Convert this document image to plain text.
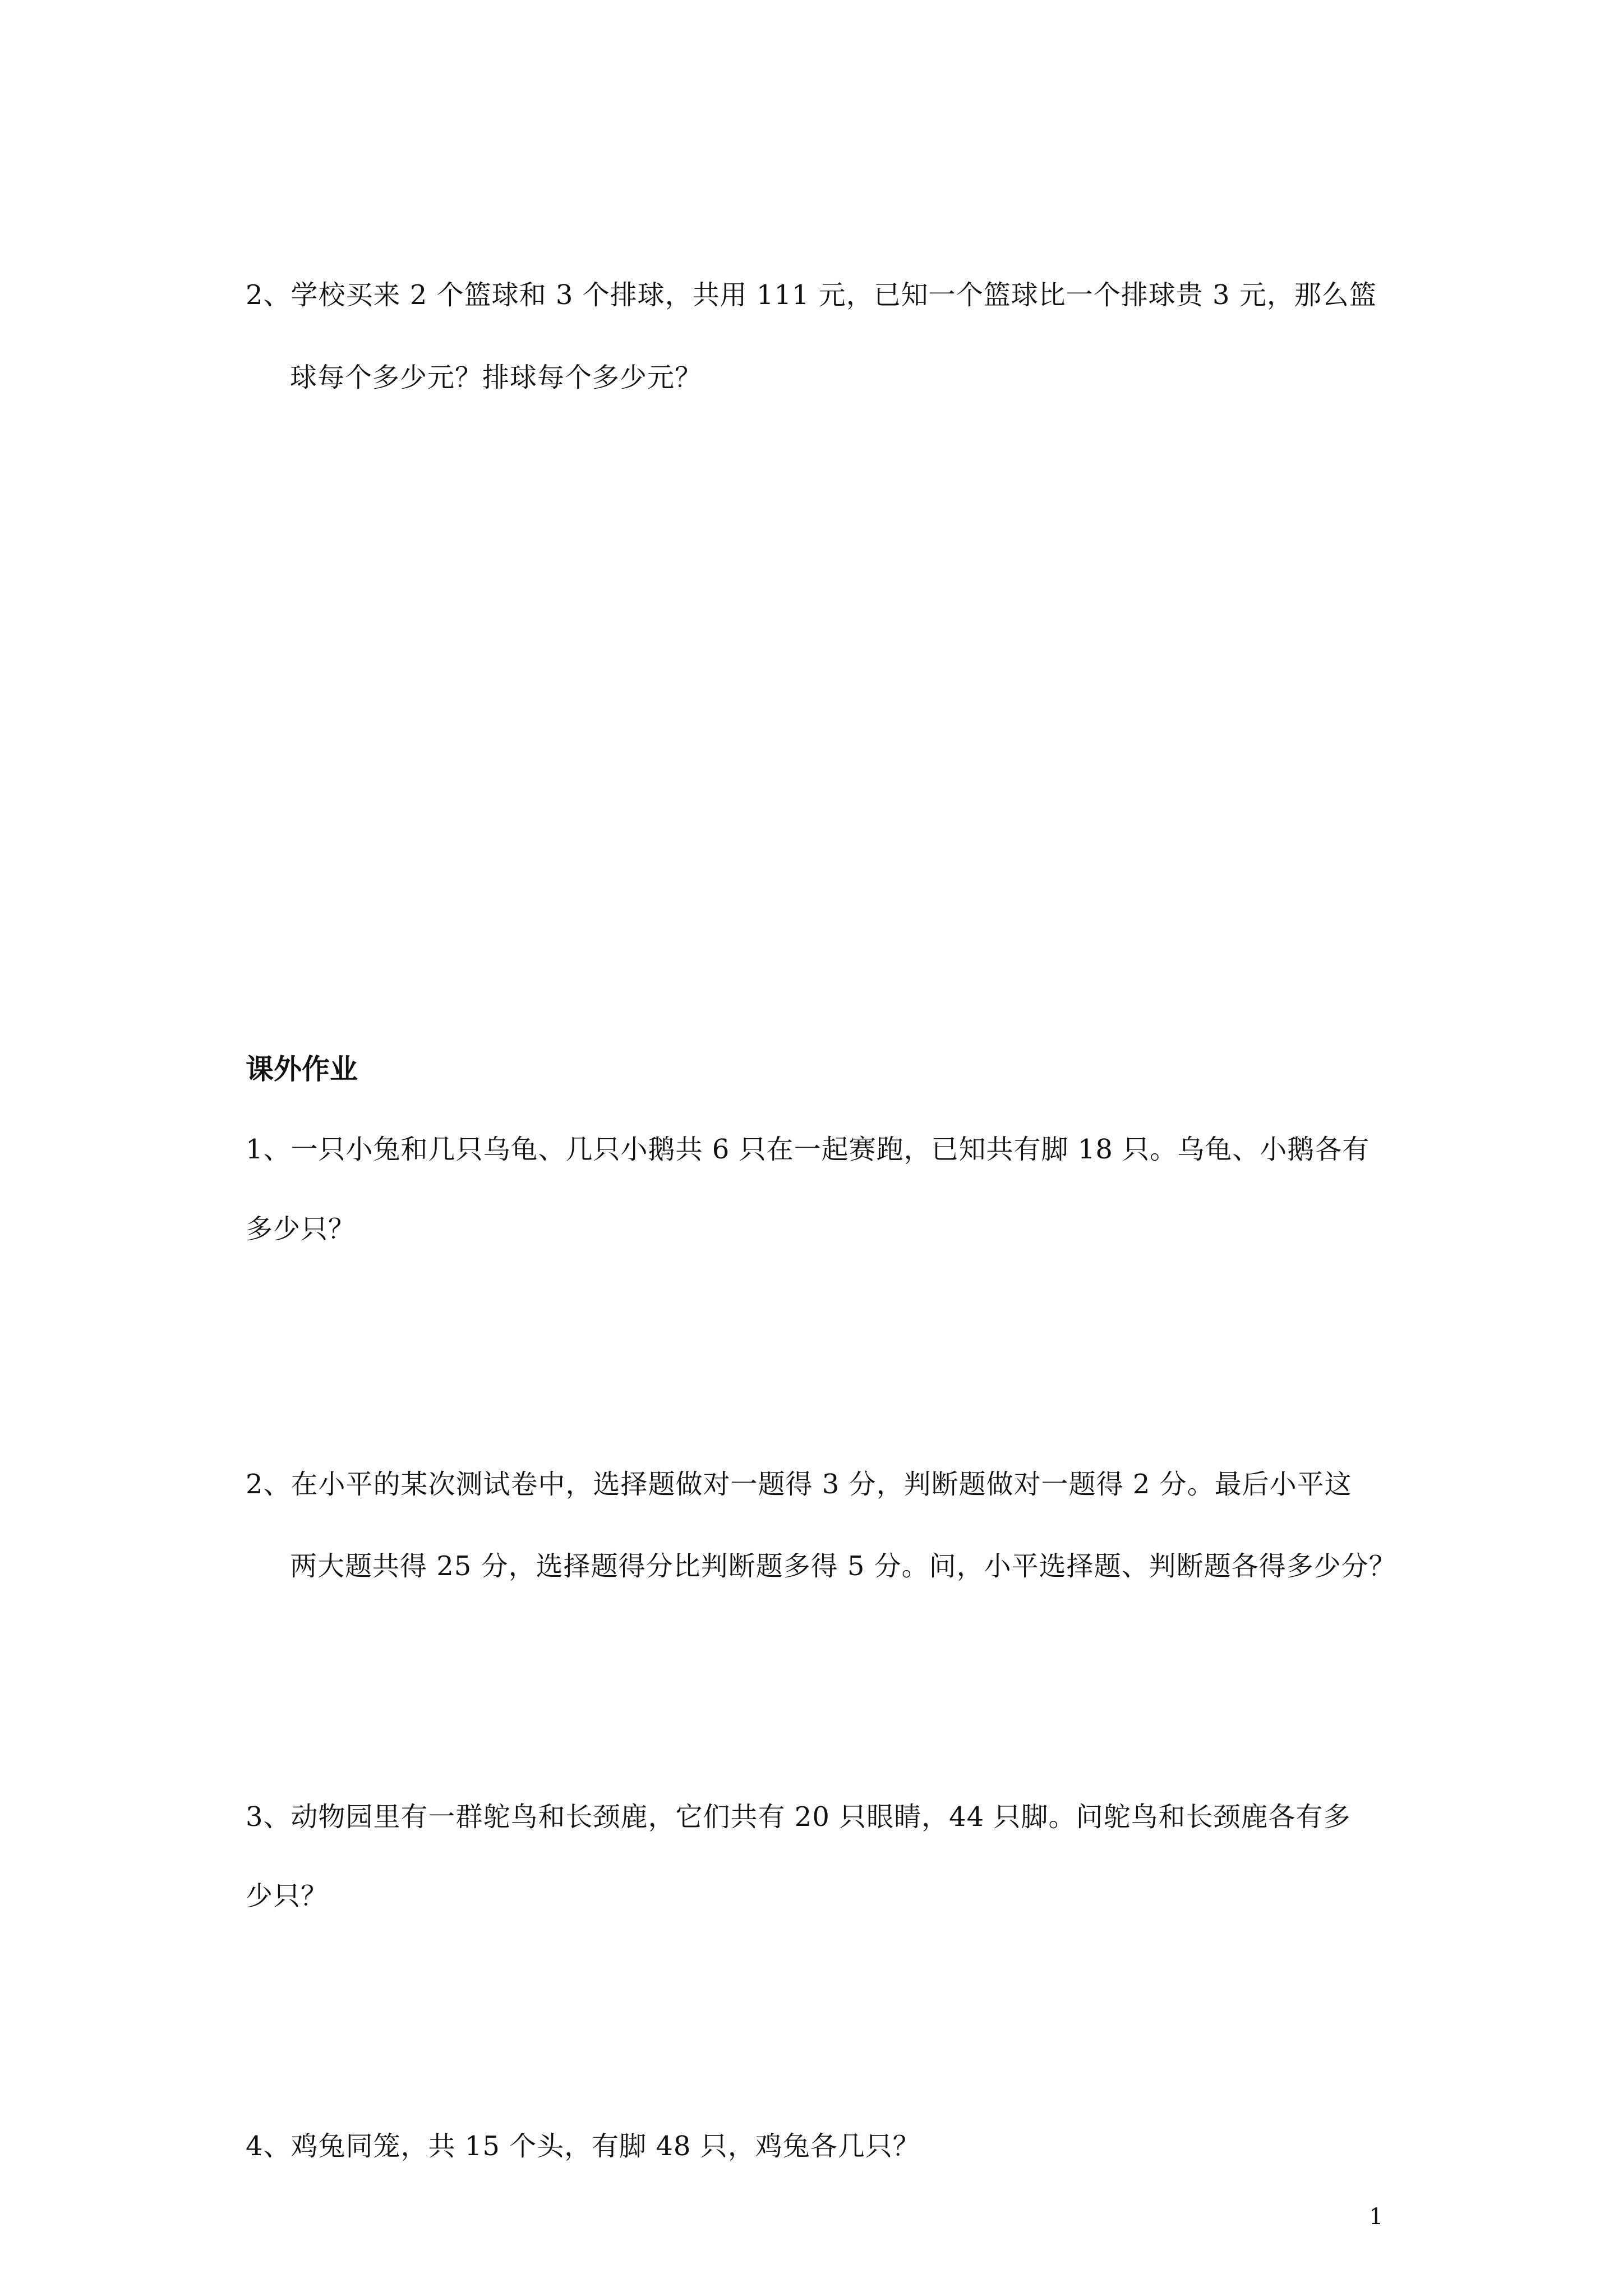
2、学校买来 2 个篮球和 3 个排球，共用 111 元，已知一个篮球比一个排球贵 3 元，那么篮
球每个多少元？排球每个多少元？
课外作业
1、一只小兔和几只乌龟、几只小鹅共 6 只在一起赛跑，已知共有脚 18 只。乌龟、小鹅各有
多少只？
2、在小平的某次测试卷中，选择题做对一题得 3 分，判断题做对一题得 2 分。最后小平这
两大题共得 25 分，选择题得分比判断题多得 5 分。问，小平选择题、判断题各得多少分？
3、动物园里有一群鸵鸟和长颈鹿，它们共有 20 只眼睛，44 只脚。问鸵鸟和长颈鹿各有多
少只？
4、鸡兔同笼，共 15 个头，有脚 48 只，鸡兔各几只？
1
